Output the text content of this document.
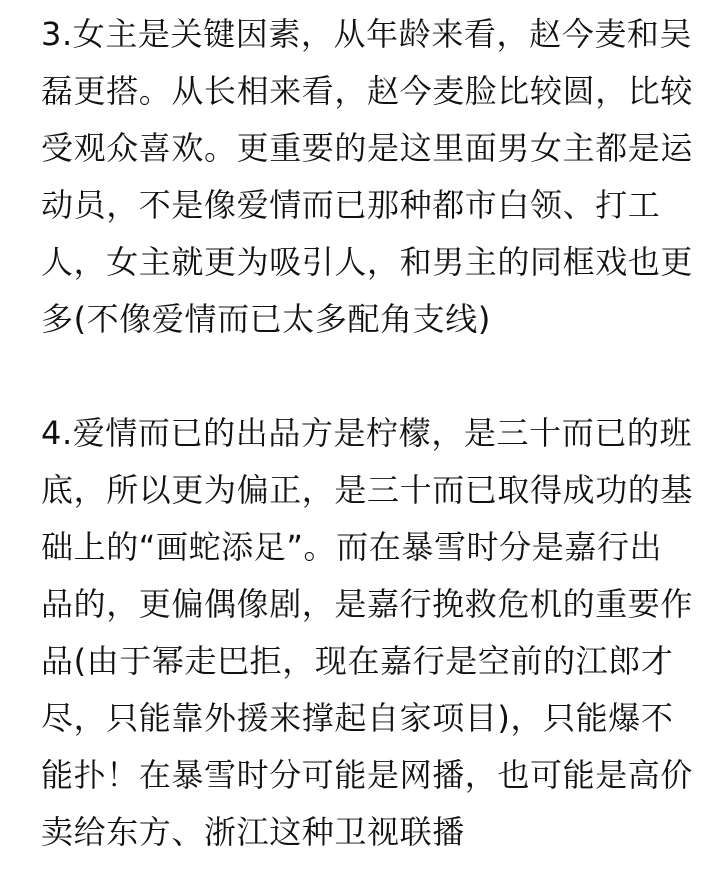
3.女主是关键因素，从年龄来看，赵今麦和吴
磊更搭。从长相来看，赵今麦脸比较圆，比较
受观众喜欢。更重要的是这里面男女主都是运
动员，不是像爱情而已那种都市白领、打工
人，女主就更为吸引人，和男主的同框戏也更
多(不像爱情而已太多配角支线)
4.爱情而已的出品方是柠檬，是三十而已的班
底，所以更为偏正，是三十而已取得成功的基
础上的“画蛇添足”。而在暴雪时分是嘉行出
品的，更偏偶像剧，是嘉行挽救危机的重要作
品(由于幂走巴拒，现在嘉行是空前的江郎才
尽，只能靠外援来撑起自家项目)，只能爆不
能扑！在暴雪时分可能是网播，也可能是高价
卖给东方、浙江这种卫视联播
